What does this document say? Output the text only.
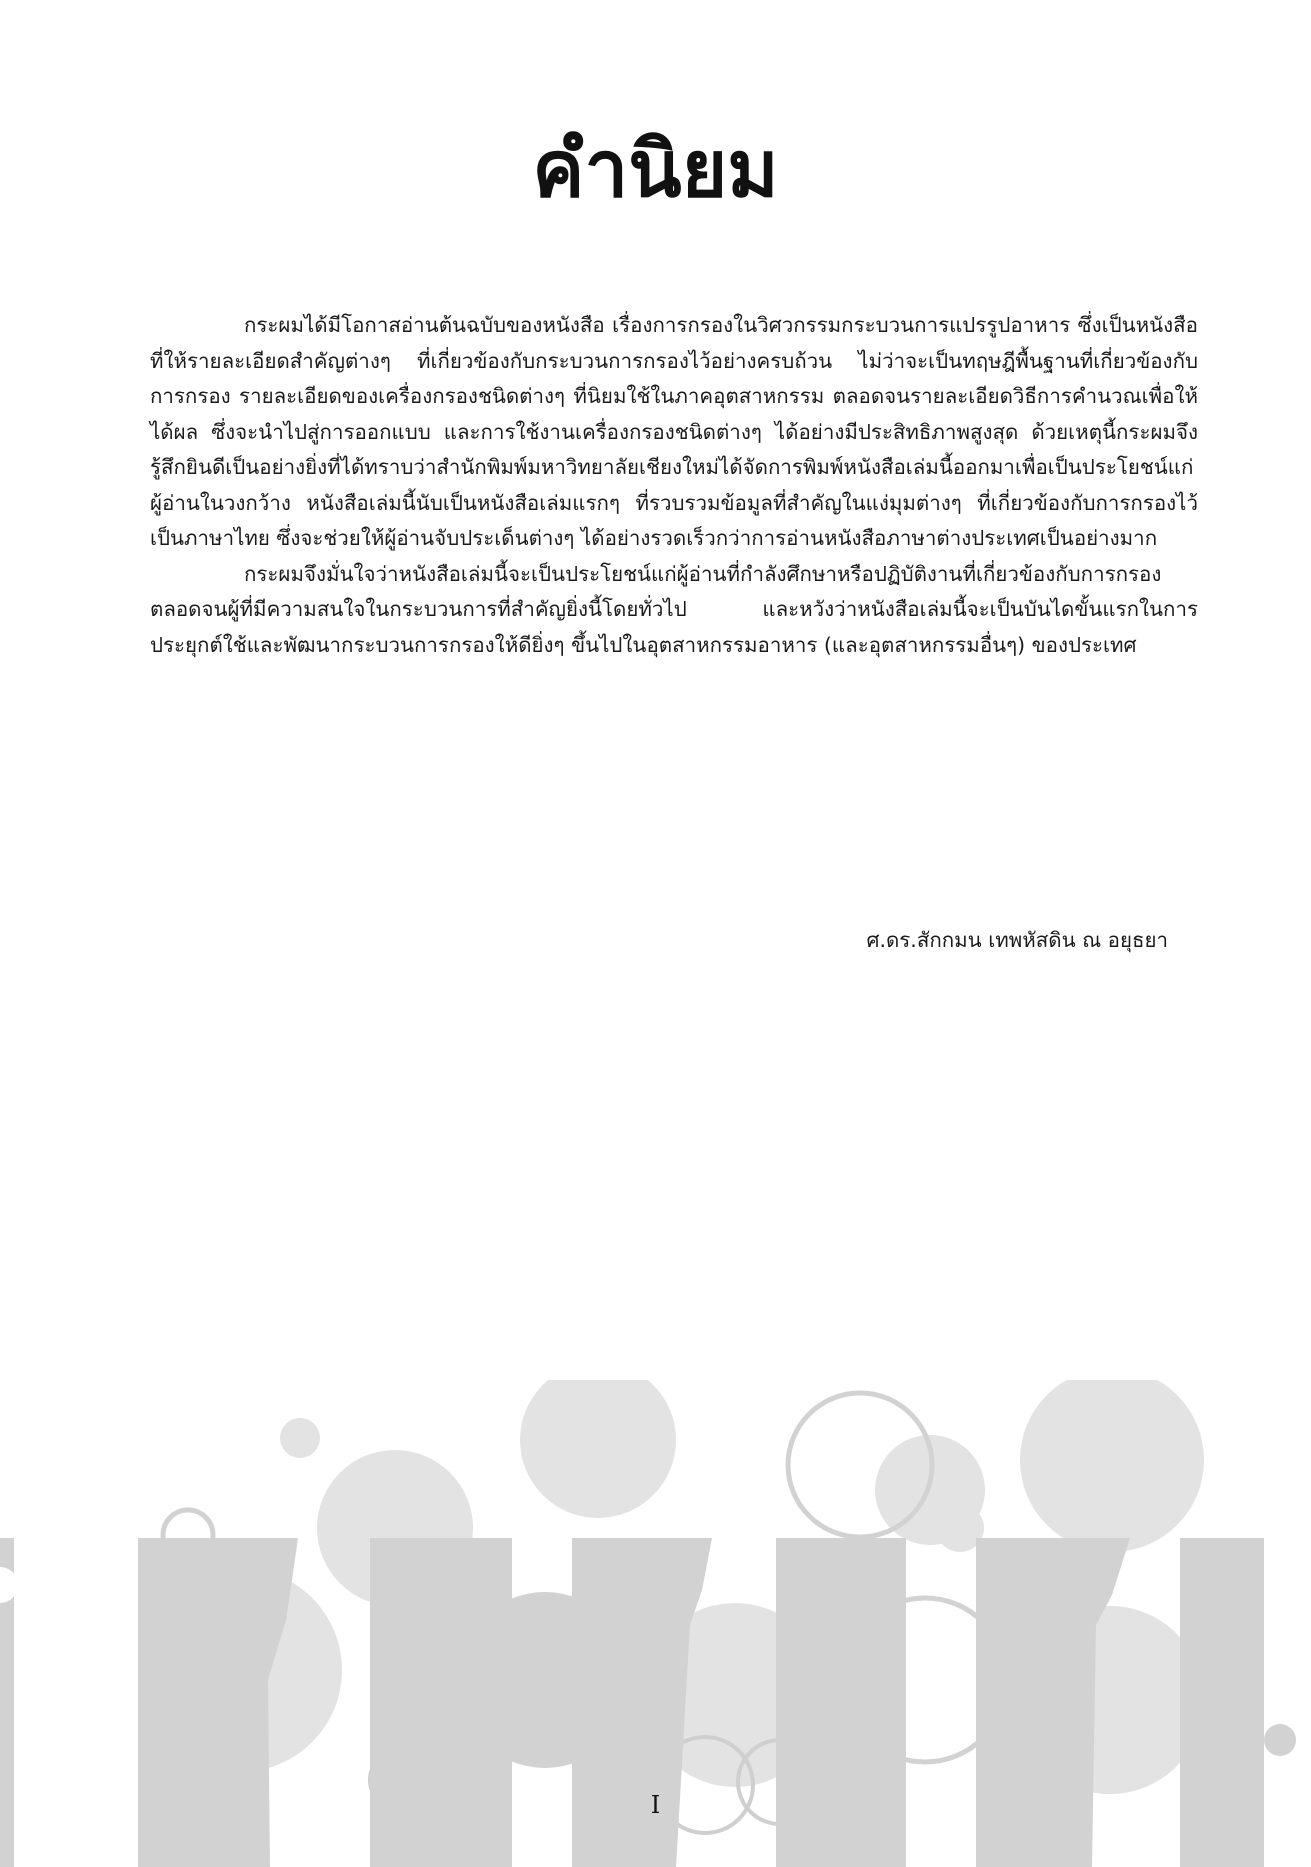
คำนิยม

กระผมได้มีโอกาสอ่านต้นฉบับของหนังสือ เรื่องการกรองในวิศวกรรมกระบวนการแปรรูปอาหาร ซึ่งเป็นหนังสือที่ให้รายละเอียดสำคัญต่างๆ ที่เกี่ยวข้องกับกระบวนการกรองไว้อย่างครบถ้วน ไม่ว่าจะเป็นทฤษฎีพื้นฐานที่เกี่ยวข้องกับการกรอง รายละเอียดของเครื่องกรองชนิดต่างๆ ที่นิยมใช้ในภาคอุตสาหกรรม ตลอดจนรายละเอียดวิธีการคำนวณเพื่อให้ได้ผล ซึ่งจะนำไปสู่การออกแบบ และการใช้งานเครื่องกรองชนิดต่างๆ ได้อย่างมีประสิทธิภาพสูงสุด ด้วยเหตุนี้กระผมจึงรู้สึกยินดีเป็นอย่างยิ่งที่ได้ทราบว่าสำนักพิมพ์มหาวิทยาลัยเชียงใหม่ได้จัดการพิมพ์หนังสือเล่มนี้ออกมาเพื่อเป็นประโยชน์แก่ผู้อ่านในวงกว้าง หนังสือเล่มนี้นับเป็นหนังสือเล่มแรกๆ ที่รวบรวมข้อมูลที่สำคัญในแง่มุมต่างๆ ที่เกี่ยวข้องกับการกรองไว้เป็นภาษาไทย ซึ่งจะช่วยให้ผู้อ่านจับประเด็นต่างๆ ได้อย่างรวดเร็วกว่าการอ่านหนังสือภาษาต่างประเทศเป็นอย่างมาก

กระผมจึงมั่นใจว่าหนังสือเล่มนี้จะเป็นประโยชน์แก่ผู้อ่านที่กำลังศึกษาหรือปฏิบัติงานที่เกี่ยวข้องกับการกรอง ตลอดจนผู้ที่มีความสนใจในกระบวนการที่สำคัญยิ่งนี้โดยทั่วไป และหวังว่าหนังสือเล่มนี้จะเป็นบันไดขั้นแรกในการประยุกต์ใช้และพัฒนากระบวนการกรองให้ดียิ่งๆ ขึ้นไปในอุตสาหกรรมอาหาร (และอุตสาหกรรมอื่นๆ) ของประเทศ

ศ.ดร.สักกมน เทพหัสดิน ณ อยุธยา
I
